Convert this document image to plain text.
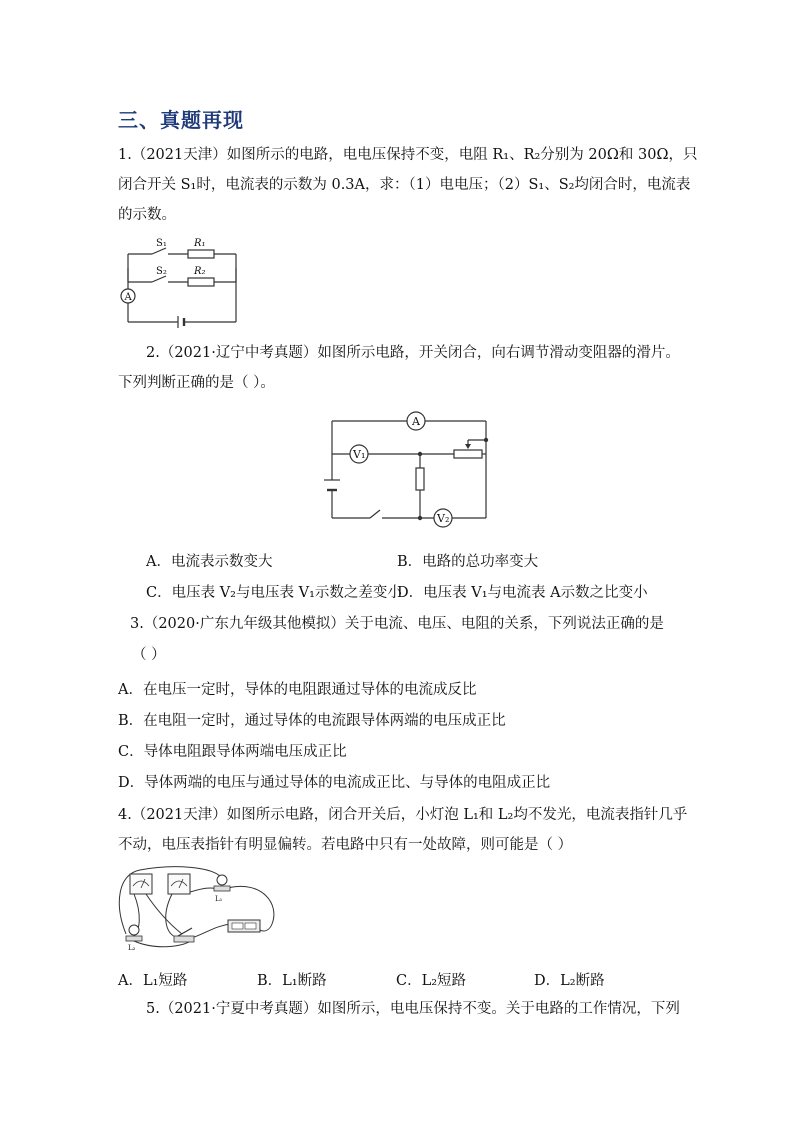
三、真题再现
1.（2021天津）如图所示的电路，电电压保持不变，电阻 R₁、R₂分别为 20Ω和 30Ω，只
闭合开关 S₁时，电流表的示数为 0.3A，求：（1）电电压；（2）S₁、S₂均闭合时，电流表
的示数。
A
S₁	R₁
S₂	R₂
2.（2021·辽宁中考真题）如图所示电路，开关闭合，向右调节滑动变阻器的滑片。
下列判断正确的是（ ）。
A
V₁
V₂
A．电流表示数变大	B．电路的总功率变大
C．电压表 V₂与电压表 V₁示数之差变小
D．电压表 V₁与电流表 A示数之比变小
3.（2020·广东九年级其他模拟）关于电流、电压、电阻的关系，下列说法正确的是
（ ）
A．在电压一定时，导体的电阻跟通过导体的电流成反比
B．在电阻一定时，通过导体的电流跟导体两端的电压成正比
C．导体电阻跟导体两端电压成正比
D．导体两端的电压与通过导体的电流成正比、与导体的电阻成正比
4.（2021天津）如图所示电路，闭合开关后，小灯泡 L₁和 L₂均不发光，电流表指针几乎
不动，电压表指针有明显偏转。若电路中只有一处故障，则可能是（ ）
L₁
L₂
A．L₁短路	B．L₁断路	C．L₂短路	D．L₂断路
5.（2021·宁夏中考真题）如图所示，电电压保持不变。关于电路的工作情况，下列
